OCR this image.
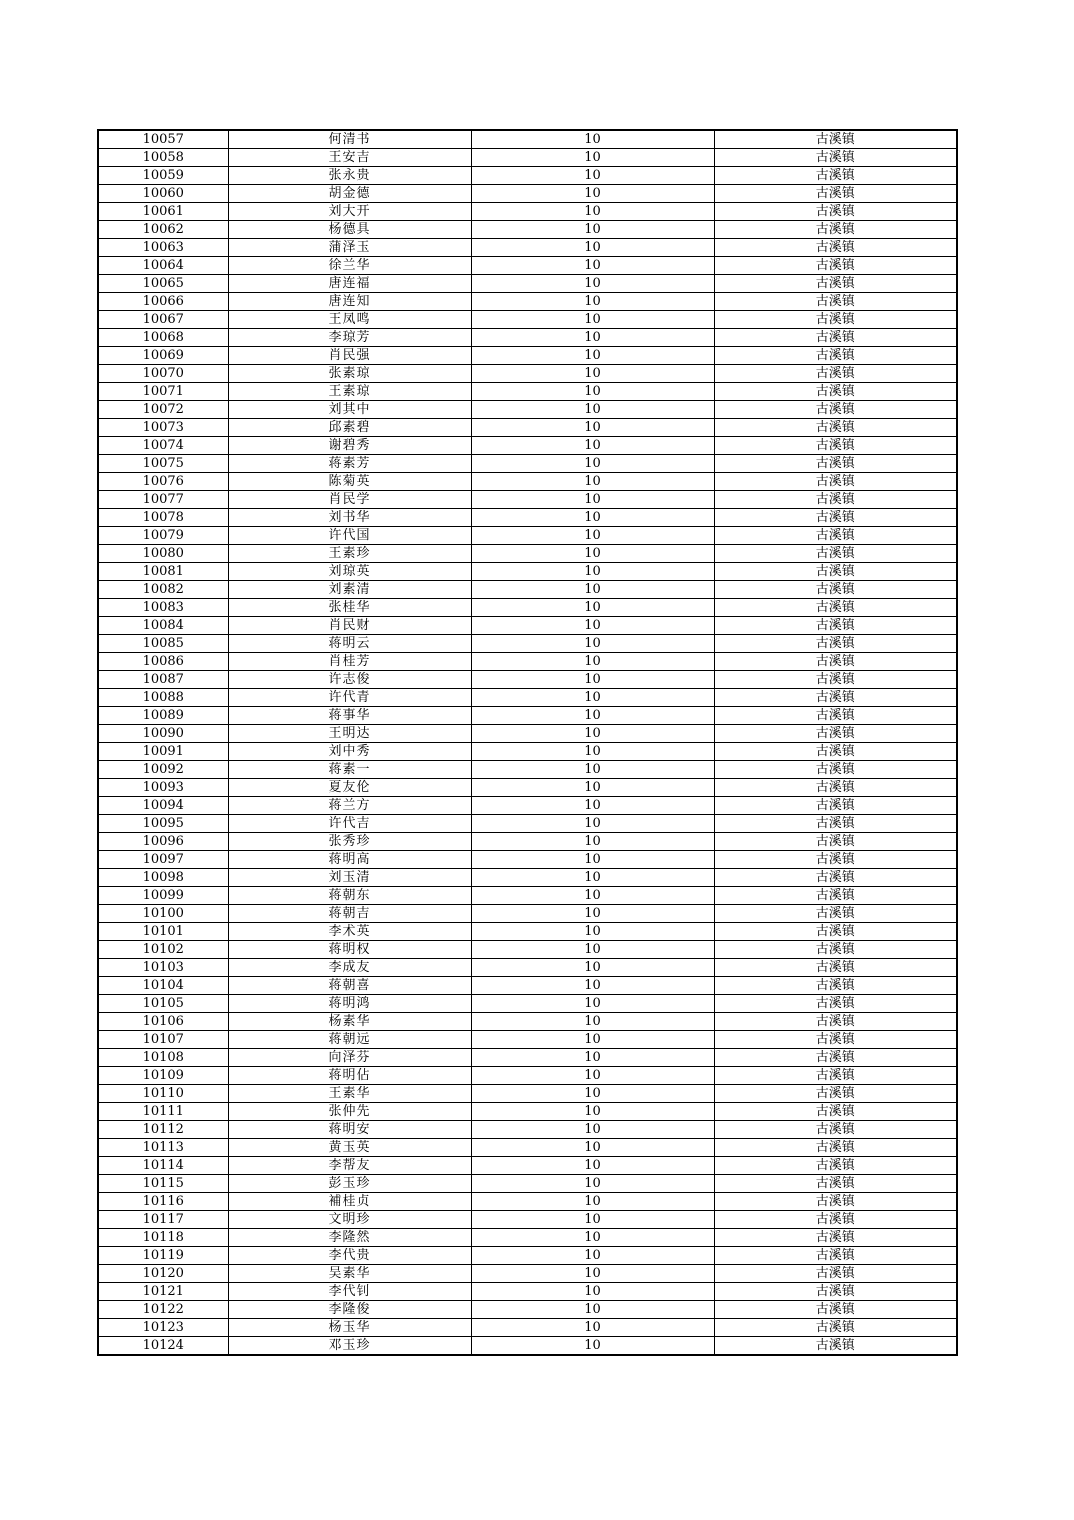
10057	何清书	10	古溪镇
10058	王安吉	10	古溪镇
10059	张永贵	10	古溪镇
10060	胡金德	10	古溪镇
10061	刘大开	10	古溪镇
10062	杨德具	10	古溪镇
10063	蒲泽玉	10	古溪镇
10064	徐兰华	10	古溪镇
10065	唐连福	10	古溪镇
10066	唐连知	10	古溪镇
10067	王凤鸣	10	古溪镇
10068	李琼芳	10	古溪镇
10069	肖民强	10	古溪镇
10070	张素琼	10	古溪镇
10071	王素琼	10	古溪镇
10072	刘其中	10	古溪镇
10073	邱素碧	10	古溪镇
10074	谢碧秀	10	古溪镇
10075	蒋素芳	10	古溪镇
10076	陈菊英	10	古溪镇
10077	肖民学	10	古溪镇
10078	刘书华	10	古溪镇
10079	许代国	10	古溪镇
10080	王素珍	10	古溪镇
10081	刘琼英	10	古溪镇
10082	刘素清	10	古溪镇
10083	张桂华	10	古溪镇
10084	肖民财	10	古溪镇
10085	蒋明云	10	古溪镇
10086	肖桂芳	10	古溪镇
10087	许志俊	10	古溪镇
10088	许代青	10	古溪镇
10089	蒋事华	10	古溪镇
10090	王明达	10	古溪镇
10091	刘中秀	10	古溪镇
10092	蒋素一	10	古溪镇
10093	夏友伦	10	古溪镇
10094	蒋兰方	10	古溪镇
10095	许代吉	10	古溪镇
10096	张秀珍	10	古溪镇
10097	蒋明高	10	古溪镇
10098	刘玉清	10	古溪镇
10099	蒋朝东	10	古溪镇
10100	蒋朝吉	10	古溪镇
10101	李术英	10	古溪镇
10102	蒋明权	10	古溪镇
10103	李成友	10	古溪镇
10104	蒋朝喜	10	古溪镇
10105	蒋明鸿	10	古溪镇
10106	杨素华	10	古溪镇
10107	蒋朝远	10	古溪镇
10108	向泽芬	10	古溪镇
10109	蒋明佔	10	古溪镇
10110	王素华	10	古溪镇
10111	张仲先	10	古溪镇
10112	蒋明安	10	古溪镇
10113	黄玉英	10	古溪镇
10114	李帮友	10	古溪镇
10115	彭玉珍	10	古溪镇
10116	補桂贞	10	古溪镇
10117	文明珍	10	古溪镇
10118	李隆然	10	古溪镇
10119	李代贵	10	古溪镇
10120	吴素华	10	古溪镇
10121	李代钊	10	古溪镇
10122	李隆俊	10	古溪镇
10123	杨玉华	10	古溪镇
10124	邓玉珍	10	古溪镇
